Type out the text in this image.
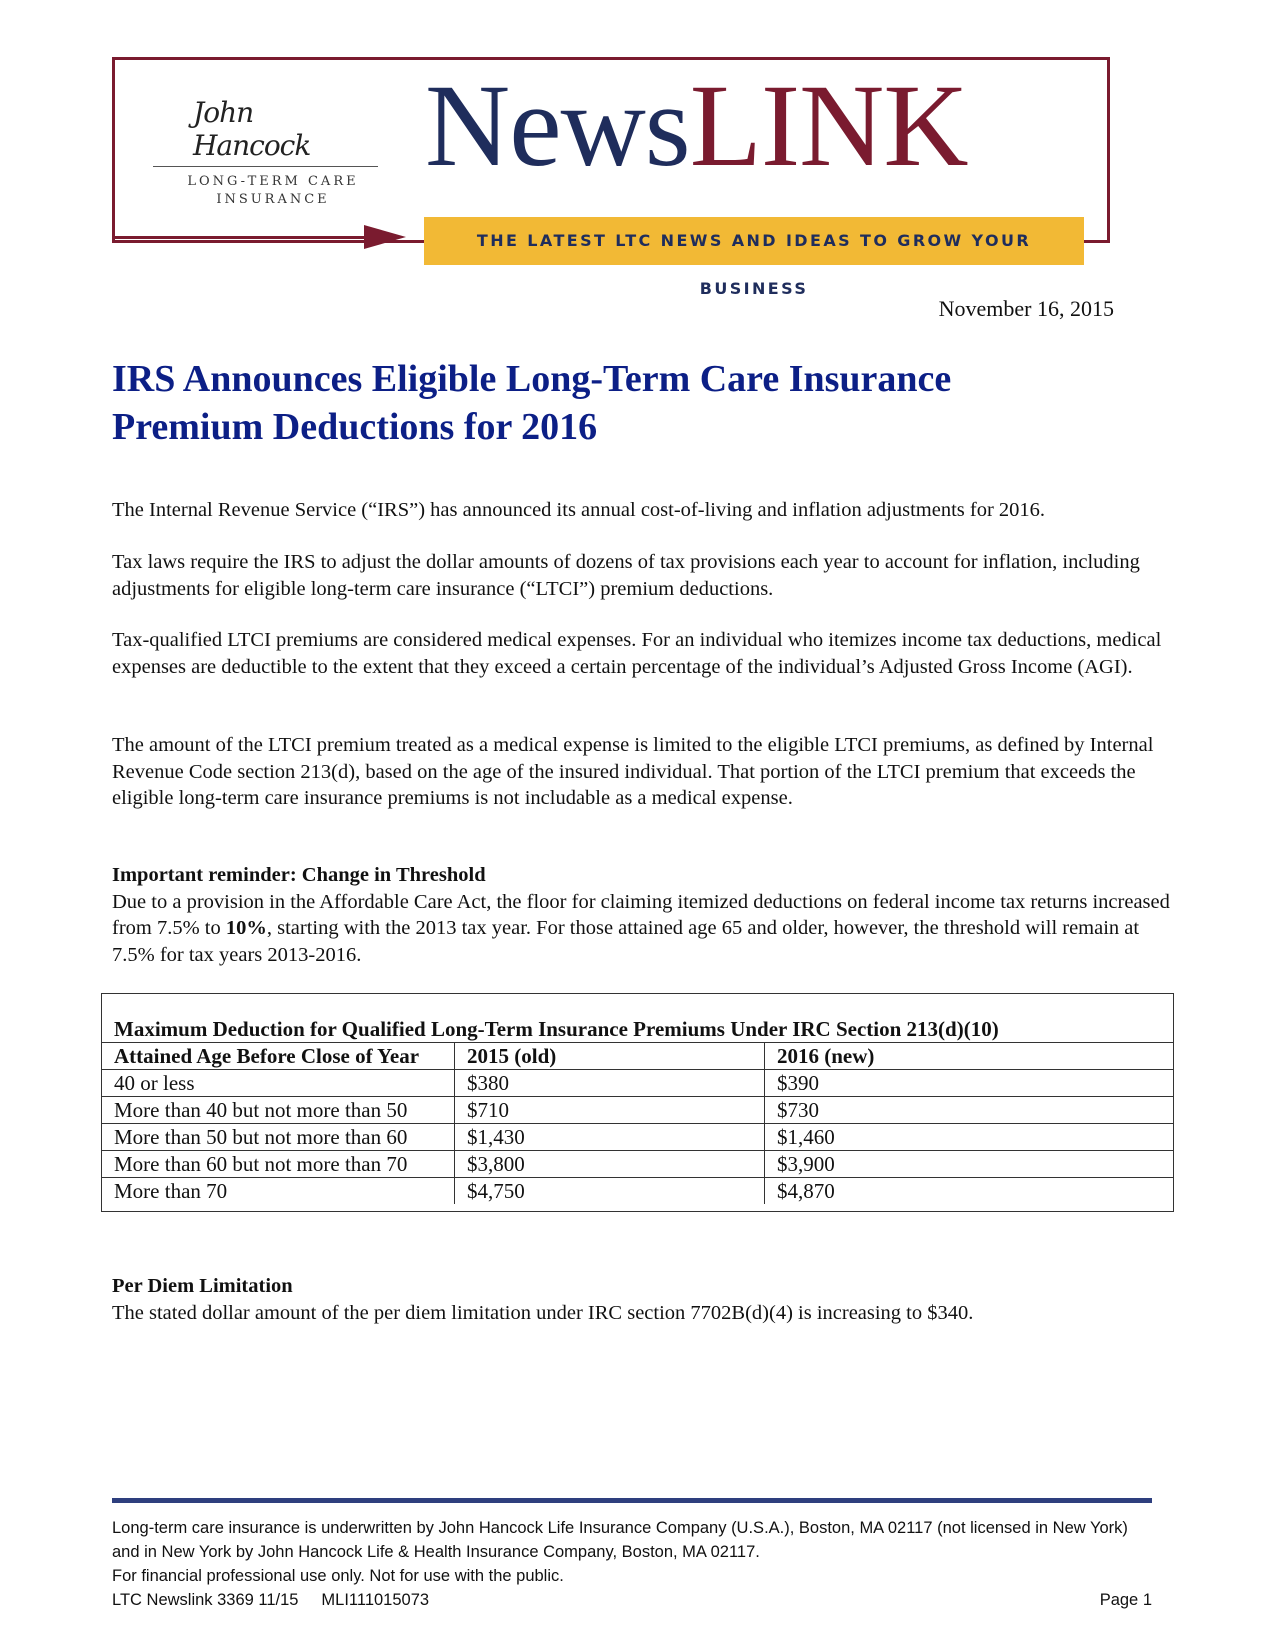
John Hancock
LONG-TERM CARE
INSURANCE
NewsLINK
THE LATEST LTC NEWS AND IDEAS TO GROW YOUR BUSINESS
November 16, 2015
IRS Announces Eligible Long-Term Care Insurance
Premium Deductions for 2016

The Internal Revenue Service (“IRS”) has announced its annual cost-of-living and inflation adjustments for 2016.

Tax laws require the IRS to adjust the dollar amounts of dozens of tax provisions each year to account for inflation, including adjustments for eligible long-term care insurance (“LTCI”) premium deductions.

Tax-qualified LTCI premiums are considered medical expenses. For an individual who itemizes income tax deductions, medical expenses are deductible to the extent that they exceed a certain percentage of the individual’s Adjusted Gross Income (AGI).

The amount of the LTCI premium treated as a medical expense is limited to the eligible LTCI premiums, as defined by Internal Revenue Code section 213(d), based on the age of the insured individual. That portion of the LTCI premium that exceeds the eligible long-term care insurance premiums is not includable as a medical expense.

Important reminder: Change in Threshold
Due to a provision in the Affordable Care Act, the floor for claiming itemized deductions on federal income tax returns increased from 7.5% to 10%, starting with the 2013 tax year. For those attained age 65 and older, however, the threshold will remain at 7.5% for tax years 2013-2016.
Maximum Deduction for Qualified Long-Term Insurance Premiums Under IRC Section 213(d)(10)		
Attained Age Before Close of Year	2015 (old)	2016 (new)
40 or less	$380	$390
More than 40 but not more than 50	$710	$730
More than 50 but not more than 60	$1,430	$1,460
More than 60 but not more than 70	$3,800	$3,900
More than 70	$4,750	$4,870
Per Diem Limitation
The stated dollar amount of the per diem limitation under IRC section 7702B(d)(4) is increasing to $340.

Long-term care insurance is underwritten by John Hancock Life Insurance Company (U.S.A.), Boston, MA 02117 (not licensed in New York) and in New York by John Hancock Life & Health Insurance Company, Boston, MA 02117.

For financial professional use only. Not for use with the public.

LTC Newslink 3369 11/15     MLI111015073	Page 1
